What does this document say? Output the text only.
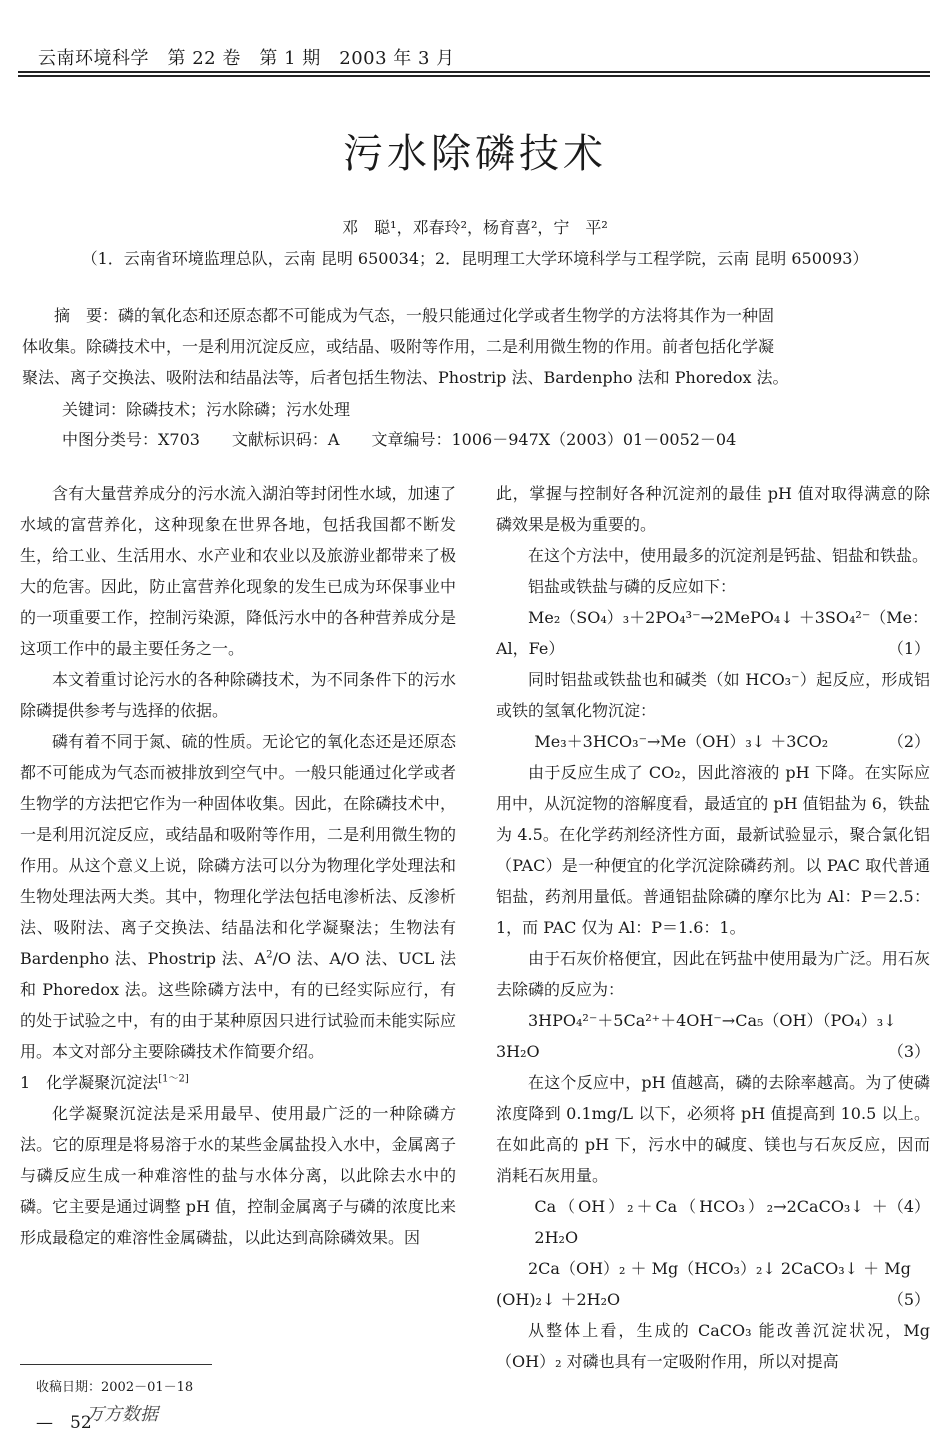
云南环境科学　第 22 卷　第 1 期　2003 年 3 月
污水除磷技术
邓　聪¹，邓春玲²，杨育喜²，宁　平²
（1．云南省环境监理总队，云南 昆明 650034；2．昆明理工大学环境科学与工程学院，云南 昆明 650093）
　　摘　要：磷的氧化态和还原态都不可能成为气态，一般只能通过化学或者生物学的方法将其作为一种固
体收集。除磷技术中，一是利用沉淀反应，或结晶、吸附等作用，二是利用微生物的作用。前者包括化学凝
聚法、离子交换法、吸附法和结晶法等，后者包括生物法、Phostrip 法、Bardenpho 法和 Phoredox 法。
关键词：除磷技术；污水除磷；污水处理
中图分类号：X703　　文献标识码：A　　文章编号：1006－947X（2003）01－0052－04

含有大量营养成分的污水流入湖泊等封闭性水域，加速了水域的富营养化，这种现象在世界各地，包括我国都不断发生，给工业、生活用水、水产业和农业以及旅游业都带来了极大的危害。因此，防止富营养化现象的发生已成为环保事业中的一项重要工作，控制污染源，降低污水中的各种营养成分是这项工作中的最主要任务之一。

本文着重讨论污水的各种除磷技术，为不同条件下的污水除磷提供参考与选择的依据。

磷有着不同于氮、硫的性质。无论它的氧化态还是还原态都不可能成为气态而被排放到空气中。一般只能通过化学或者生物学的方法把它作为一种固体收集。因此，在除磷技术中，一是利用沉淀反应，或结晶和吸附等作用，二是利用微生物的作用。从这个意义上说，除磷方法可以分为物理化学处理法和生物处理法两大类。其中，物理化学法包括电渗析法、反渗析法、吸附法、离子交换法、结晶法和化学凝聚法；生物法有 Bardenpho 法、Phostrip 法、$A^2/O$ 法、A/O 法、UCL 法和 Phoredox 法。这些除磷方法中，有的已经实际应行，有的处于试验之中，有的由于某种原因只进行试验而未能实际应用。本文对部分主要除磷技术作简要介绍。

1　化学凝聚沉淀法[1～2]

化学凝聚沉淀法是采用最早、使用最广泛的一种除磷方法。它的原理是将易溶于水的某些金属盐投入水中，金属离子与磷反应生成一种难溶性的盐与水体分离，以此除去水中的磷。它主要是通过调整 pH 值，控制金属离子与磷的浓度比来形成最稳定的难溶性金属磷盐，以此达到高除磷效果。因

此，掌握与控制好各种沉淀剂的最佳 pH 值对取得满意的除磷效果是极为重要的。

在这个方法中，使用最多的沉淀剂是钙盐、铝盐和铁盐。

铝盐或铁盐与磷的反应如下：

Me₂（SO₄）₃＋2PO₄³⁻→2MePO₄↓ ＋3SO₄²⁻（Me：

Al，Fe）	（1）

同时铝盐或铁盐也和碱类（如 HCO₃⁻）起反应，形成铝或铁的氢氧化物沉淀：

Me₃＋3HCO₃⁻→Me（OH）₃↓ ＋3CO₂	（2）

由于反应生成了 CO₂，因此溶液的 pH 下降。在实际应用中，从沉淀物的溶解度看，最适宜的 pH 值铝盐为 6，铁盐为 4.5。在化学药剂经济性方面，最新试验显示，聚合氯化铝（PAC）是一种便宜的化学沉淀除磷药剂。以 PAC 取代普通铝盐，药剂用量低。普通铝盐除磷的摩尔比为 Al：P＝2.5：1，而 PAC 仅为 Al：P＝1.6：1。

由于石灰价格便宜，因此在钙盐中使用最为广泛。用石灰去除磷的反应为：

3HPO₄²⁻＋5Ca²⁺＋4OH⁻→Ca₅（OH）（PO₄）₃↓

3H₂O	（3）

在这个反应中，pH 值越高，磷的去除率越高。为了使磷浓度降到 0.1mg/L 以下，必须将 pH 值提高到 10.5 以上。在如此高的 pH 下，污水中的碱度、镁也与石灰反应，因而消耗石灰用量。

Ca（OH）₂＋Ca（HCO₃）₂→2CaCO₃↓ ＋2H₂O
（4）

2Ca（OH）₂ ＋ Mg（HCO₃）₂↓ 2CaCO₃↓ ＋ Mg

(OH)₂↓ ＋2H₂O	（5）

从整体上看，生成的 CaCO₃ 能改善沉淀状况，Mg（OH）₂ 对磷也具有一定吸附作用，所以对提高

收稿日期：2002－01－18
—　52
万方数据
